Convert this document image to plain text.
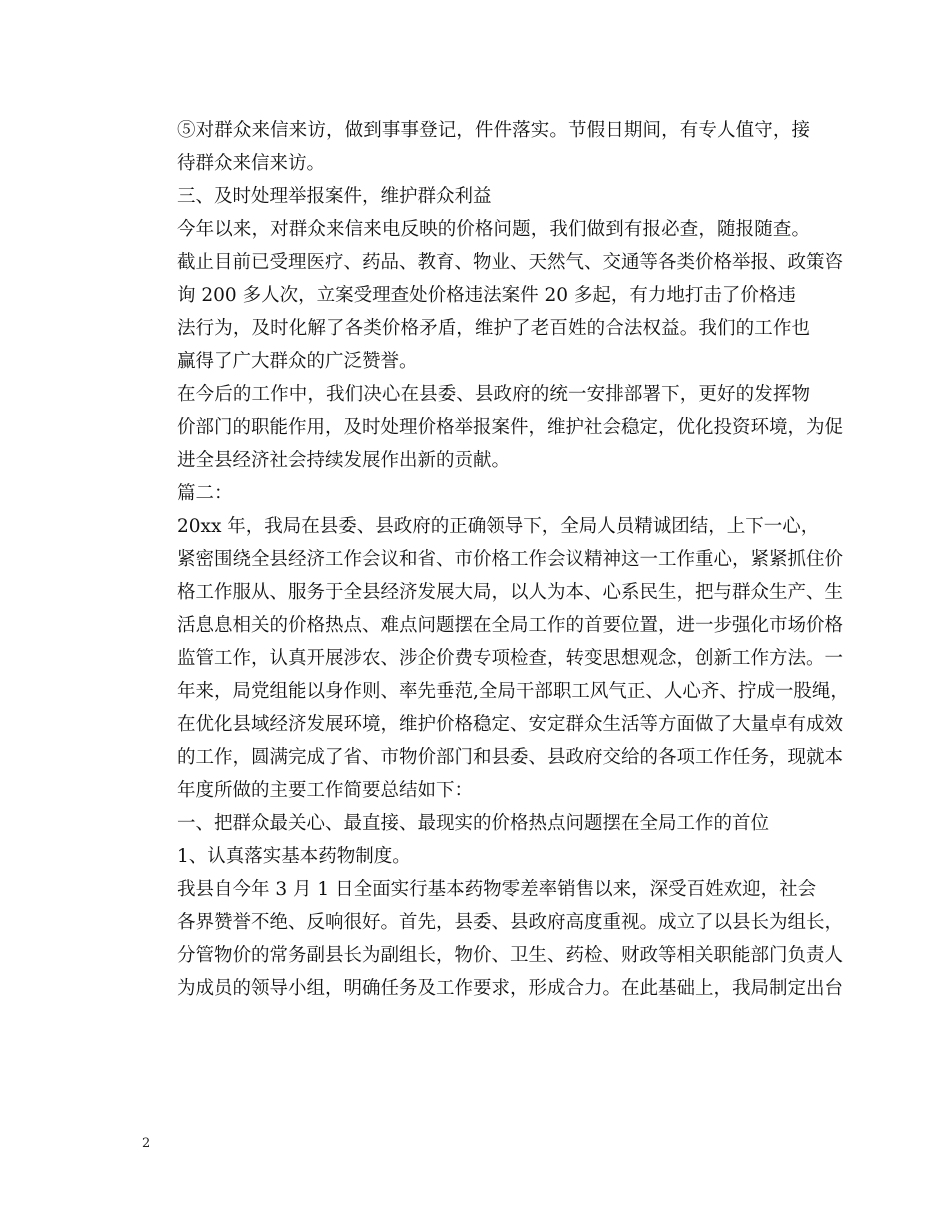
⑤对群众来信来访，做到事事登记，件件落实。节假日期间，有专人值守，接
待群众来信来访。

三、及时处理举报案件，维护群众利益

今年以来，对群众来信来电反映的价格问题，我们做到有报必查，随报随查。
截止目前已受理医疗、药品、教育、物业、天然气、交通等各类价格举报、政策咨
询 200 多人次，立案受理查处价格违法案件 20 多起，有力地打击了价格违

法行为，及时化解了各类价格矛盾，维护了老百姓的合法权益。我们的工作也
赢得了广大群众的广泛赞誉。

在今后的工作中，我们决心在县委、县政府的统一安排部署下，更好的发挥物
价部门的职能作用，及时处理价格举报案件，维护社会稳定，优化投资环境，为促
进全县经济社会持续发展作出新的贡献。

篇二：

20xx 年，我局在县委、县政府的正确领导下，全局人员精诚团结，上下一心，
紧密围绕全县经济工作会议和省、市价格工作会议精神这一工作重心，紧紧抓住价
格工作服从、服务于全县经济发展大局，以人为本、心系民生，把与群众生产、生
活息息相关的价格热点、难点问题摆在全局工作的首要位置，进一步强化市场价格
监管工作，认真开展涉农、涉企价费专项检查，转变思想观念，创新工作方法。一
年来，局党组能以身作则、率先垂范,全局干部职工风气正、人心齐、拧成一股绳，
在优化县域经济发展环境，维护价格稳定、安定群众生活等方面做了大量卓有成效
的工作，圆满完成了省、市物价部门和县委、县政府交给的各项工作任务，现就本
年度所做的主要工作简要总结如下：

一、把群众最关心、最直接、最现实的价格热点问题摆在全局工作的首位

1、认真落实基本药物制度。

我县自今年 3 月 1 日全面实行基本药物零差率销售以来，深受百姓欢迎，社会
各界赞誉不绝、反响很好。首先，县委、县政府高度重视。成立了以县长为组长，
分管物价的常务副县长为副组长，物价、卫生、药检、财政等相关职能部门负责人
为成员的领导小组，明确任务及工作要求，形成合力。在此基础上，我局制定出台

2
